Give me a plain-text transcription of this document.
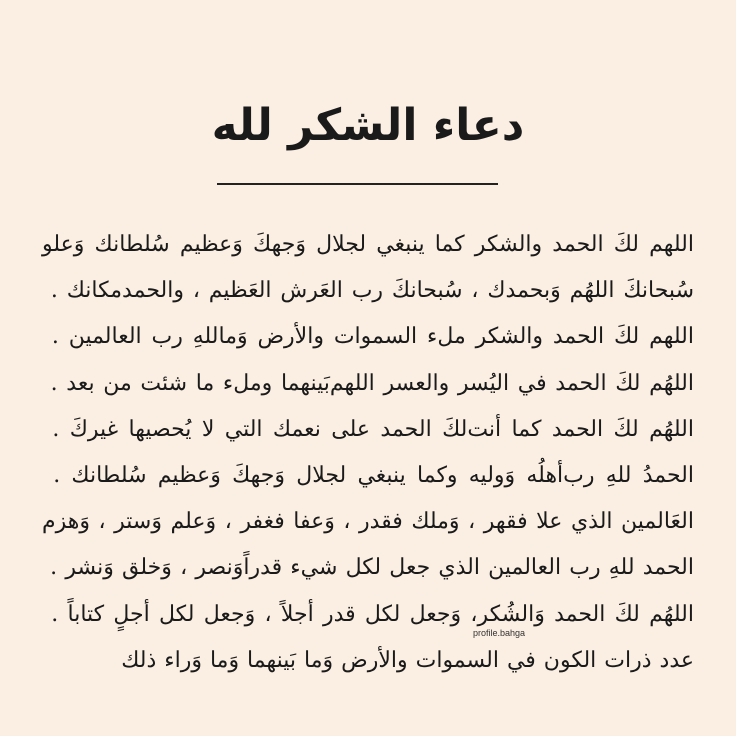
دعاء الشكر لله

اللهم لكَ الحمد والشكر كما ينبغي لجلال وَجهكَ وَعظيم سُلطانك وَعلو مكانك .

سُبحانكَ اللهُم وَبحمدك ، سُبحانكَ رب العَرش العَظيم ، والحمد للهِ رب العالمين .

اللهم لكَ الحمد والشكر ملء السموات والأرض وَما بَينهما وملء ما شئت من بعد .

اللهُم لكَ الحمد في اليُسر والعسر اللهم لكَ الحمد على نعمك التي لا يُحصيها غيركَ .

اللهُم لكَ الحمد كما أنت أهلُه وَوليه وكما ينبغي لجلال وَجهكَ وَعظيم سُلطانك .

الحمدُ للهِ رب العَالمين الذي علا فقهر ، وَملك فقدر ، وَعفا فغفر ، وَعلم وَستر ، وَهزم وَنصر ، وَخلق وَنشر .

الحمد للهِ رب العالمين الذي جعل لكل شيء قدراً ، وَجعل لكل قدر أجلاً ، وَجعل لكل أجلٍ كتاباً .

اللهُم لكَ الحمد وَالشُكر عدد ذرات الكون في السموات والأرض وَما بَينهما وَما وَراء ذلك

profile.bahga
